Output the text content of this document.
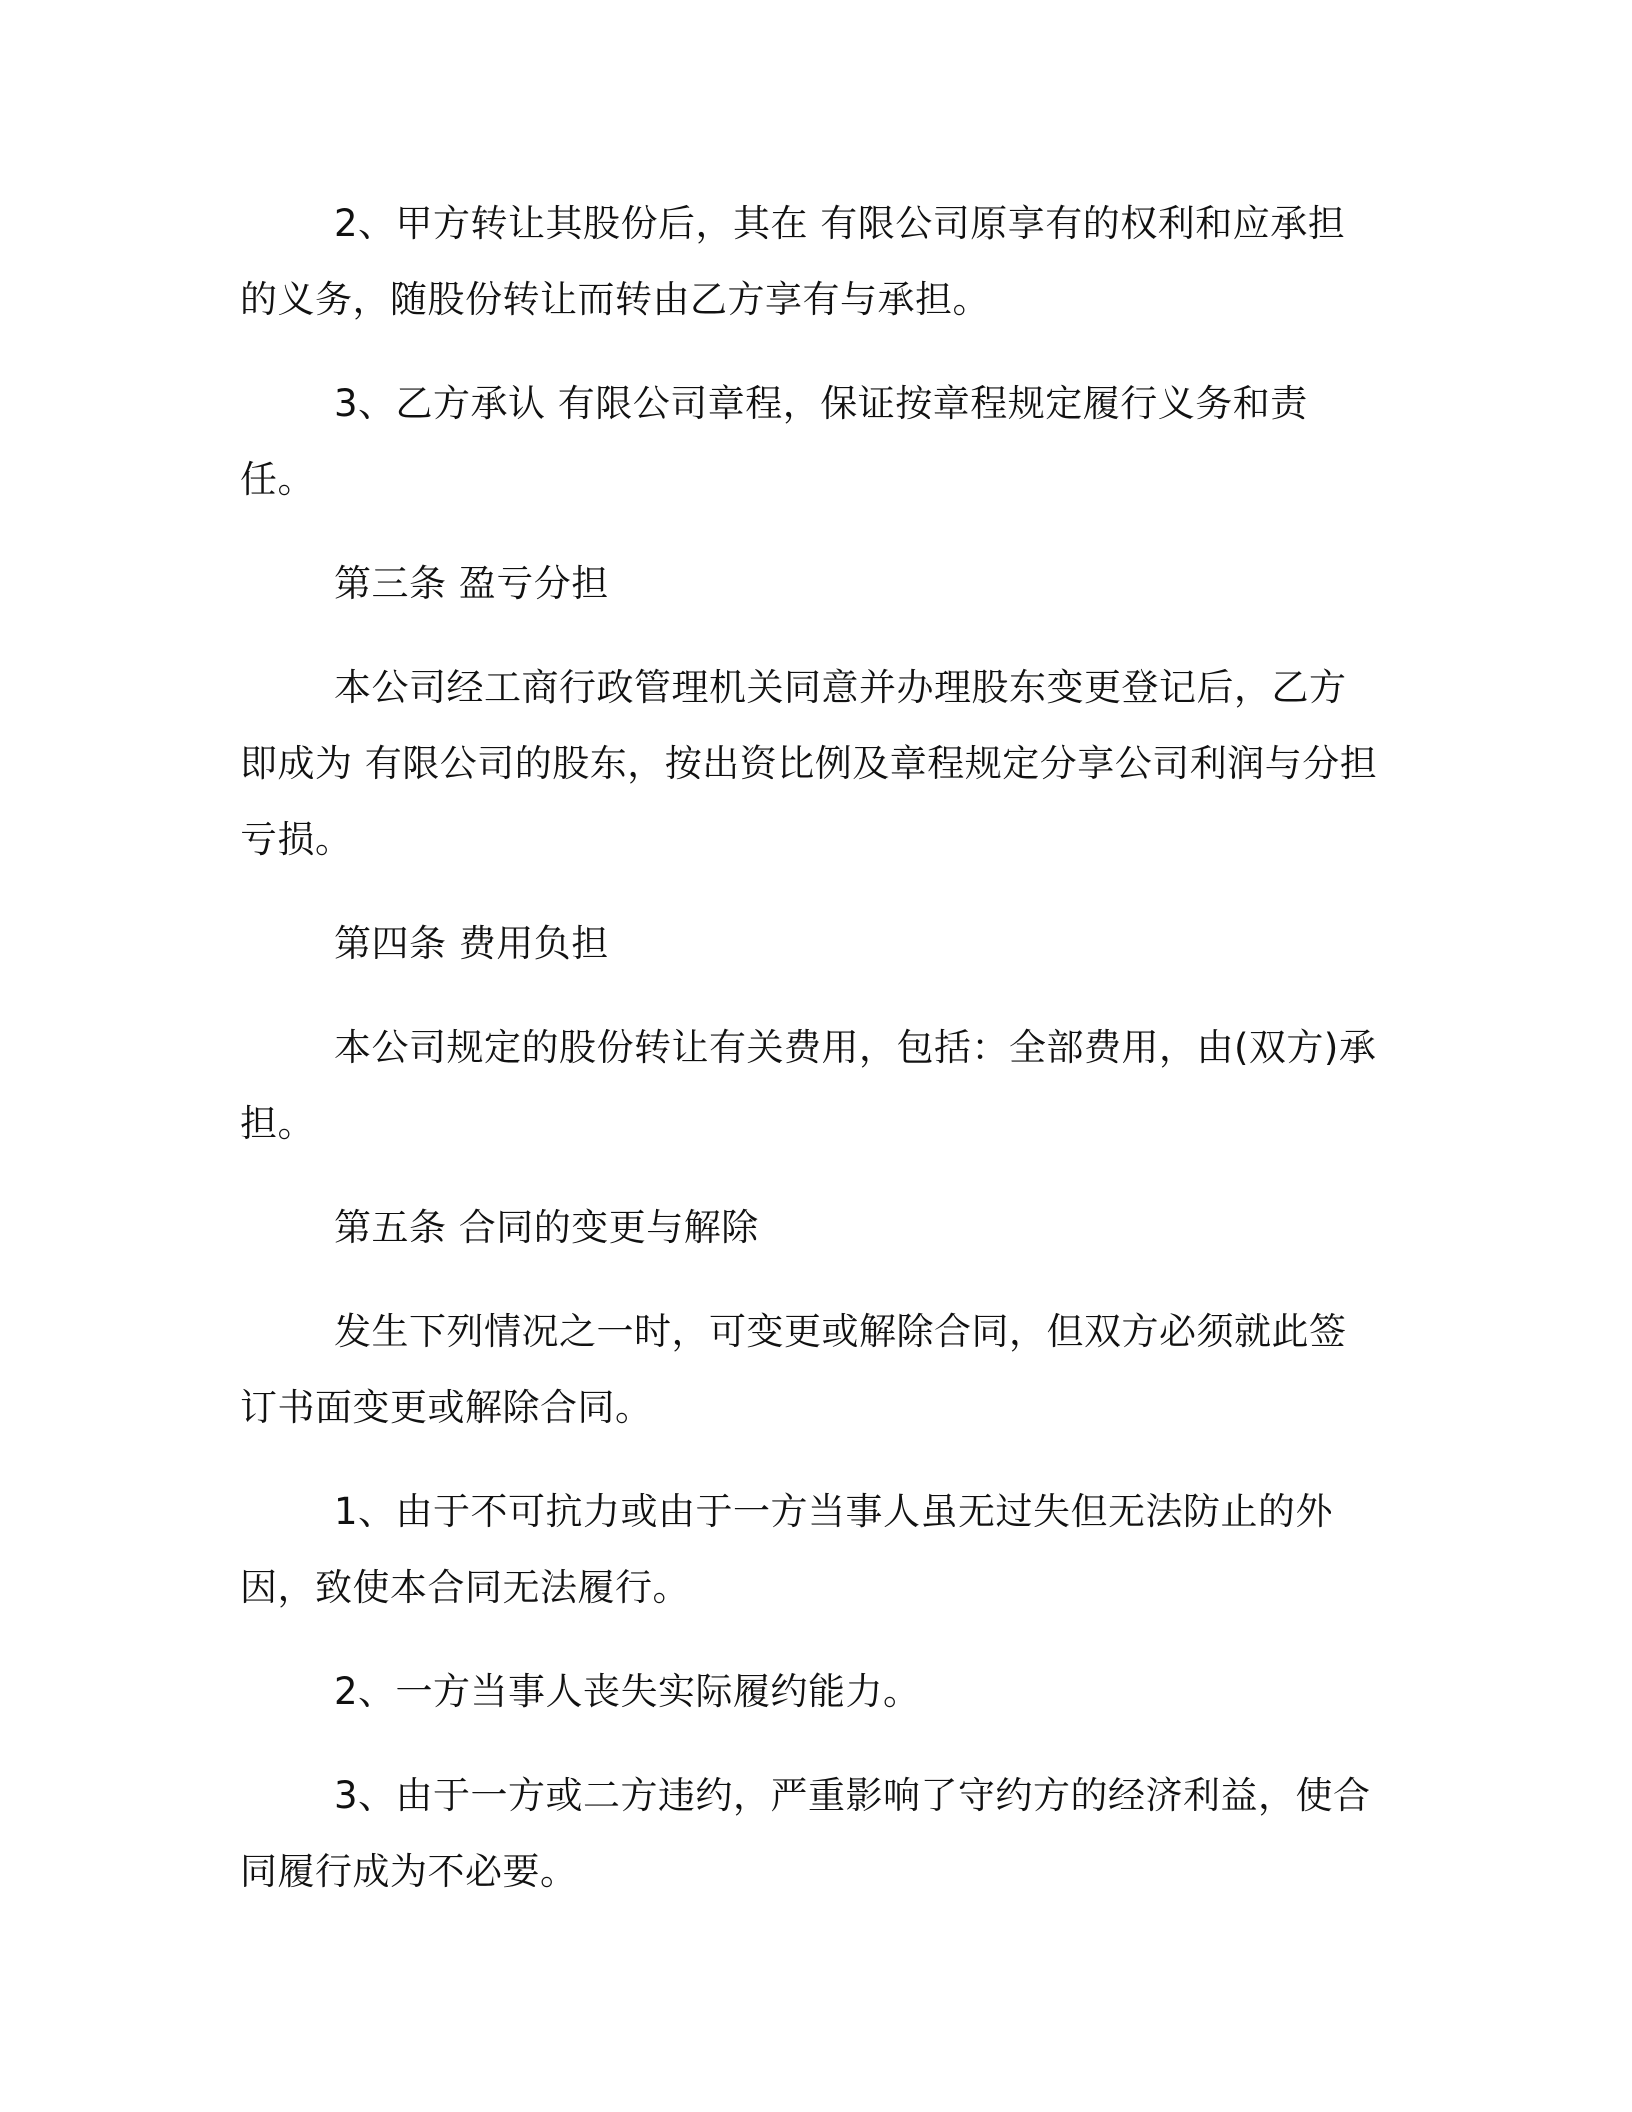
2、甲方转让其股份后，其在 有限公司原享有的权利和应承担的义务，随股份转让而转由乙方享有与承担。

3、乙方承认 有限公司章程，保证按章程规定履行义务和责任。

第三条 盈亏分担

本公司经工商行政管理机关同意并办理股东变更登记后，乙方即成为 有限公司的股东，按出资比例及章程规定分享公司利润与分担亏损。

第四条 费用负担

本公司规定的股份转让有关费用，包括：全部费用，由(双方)承担。

第五条 合同的变更与解除

发生下列情况之一时，可变更或解除合同，但双方必须就此签订书面变更或解除合同。

1、由于不可抗力或由于一方当事人虽无过失但无法防止的外因，致使本合同无法履行。

2、一方当事人丧失实际履约能力。

3、由于一方或二方违约，严重影响了守约方的经济利益，使合同履行成为不必要。
